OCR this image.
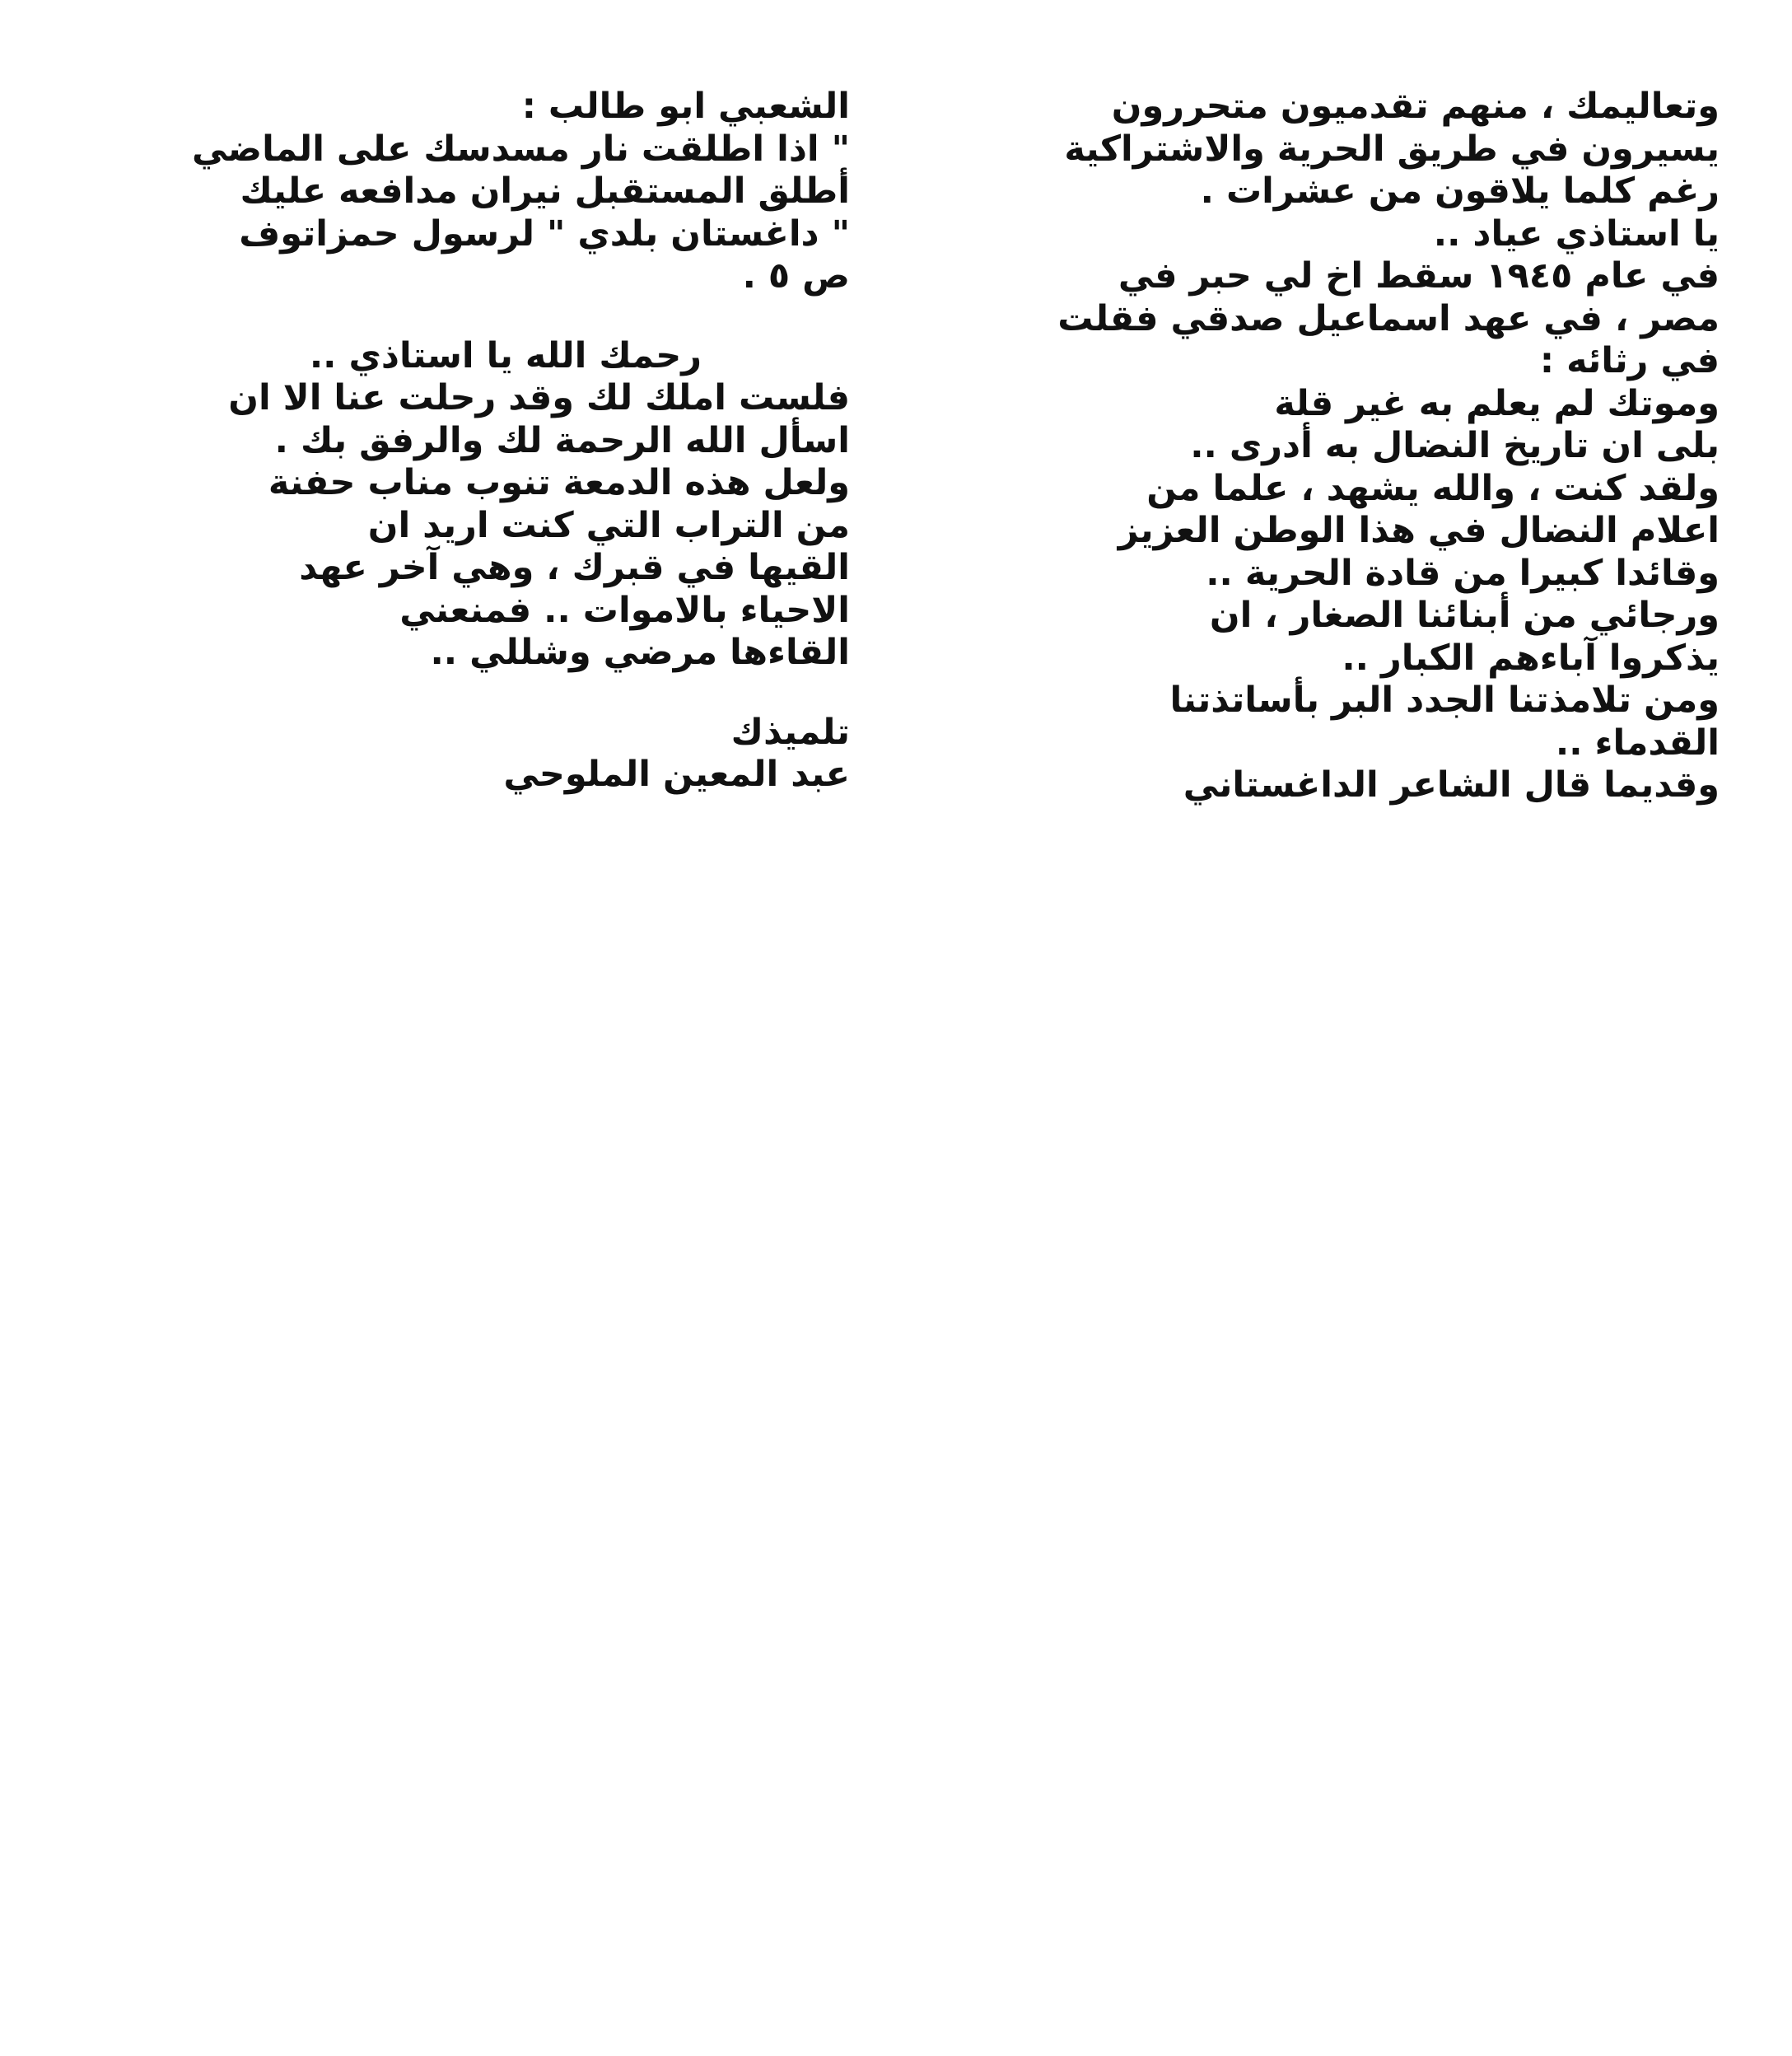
وتعاليمك ، منهم تقدميون متحررون
يسيرون في طريق الحرية والاشتراكية
رغم كلما يلاقون من عشرات .
يا استاذي عياد ..
في عام ١٩٤٥ سقط اخ لي حبر في
مصر ، في عهد اسماعيل صدقي فقلت
في رثائه :
وموتك لم يعلم به غير قلة
بلى ان تاريخ النضال به أدرى ..
ولقد كنت ، والله يشهد ، علما من
اعلام النضال في هذا الوطن العزيز
وقائدا كبيرا من قادة الحرية ..
ورجائي من أبنائنا الصغار ، ان
يذكروا آباءهم الكبار ..
ومن تلامذتنا الجدد البر بأساتذتنا
القدماء ..
وقديما قال الشاعر الداغستاني
الشعبي ابو طالب :
" اذا اطلقت نار مسدسك على الماضي
أطلق المستقبل نيران مدافعه عليك
" داغستان بلدي " لرسول حمزاتوف
ص ٥ .
رحمك الله يا استاذي ..
فلست املك لك وقد رحلت عنا الا ان
اسأل الله الرحمة لك والرفق بك .
ولعل هذه الدمعة تنوب مناب حفنة
من التراب التي كنت اريد ان
القيها في قبرك ، وهي آخر عهد
الاحياء بالاموات .. فمنعني
القاءها مرضي وشللي ..
تلميذك
عبد المعين الملوحي
